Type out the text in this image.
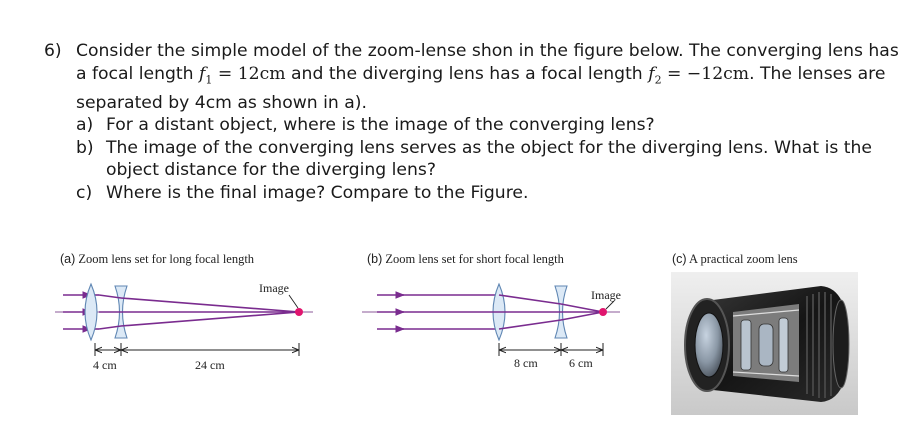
6) Consider the simple model of the zoom-lense shon in the figure below. The converging lens has a focal length $f_1 = 12cm$ and the diverging lens has a focal length $f_2 = -12cm$. The lenses are separated by 4cm as shown in a).
a) For a distant object, where is the image of the converging lens?
b) The image of the converging lens serves as the object for the diverging lens. What is the object distance for the diverging lens?
c) Where is the final image? Compare to the Figure.
(a) Zoom lens set for long focal length	(b) Zoom lens set for short focal length	(c) A practical zoom lens
Image
4 cm	24 cm
Image
8 cm	6 cm
